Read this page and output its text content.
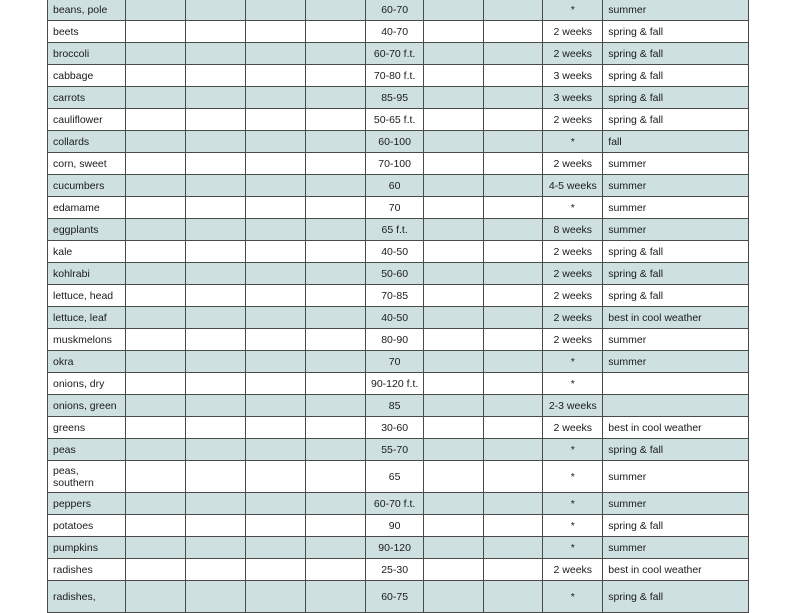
beans, pole					60-70			*	summer
beets					40-70			2 weeks	spring & fall
broccoli					60-70 f.t.			2 weeks	spring & fall
cabbage					70-80 f.t.			3 weeks	spring & fall
carrots					85-95			3 weeks	spring & fall
cauliflower					50-65 f.t.			2 weeks	spring & fall
collards					60-100			*	fall
corn, sweet					70-100			2 weeks	summer
cucumbers					60			4-5 weeks	summer
edamame					70			*	summer
eggplants					65 f.t.			8 weeks	summer
kale					40-50			2 weeks	spring & fall
kohlrabi					50-60			2 weeks	spring & fall
lettuce, head					70-85			2 weeks	spring & fall
lettuce, leaf					40-50			2 weeks	best in cool weather
muskmelons					80-90			2 weeks	summer
okra					70			*	summer
onions, dry					90-120 f.t.			*	
onions, green					85			2-3 weeks	
greens					30-60			2 weeks	best in cool weather
peas					55-70			*	spring & fall
peas, southern					65			*	summer
peppers					60-70 f.t.			*	summer
potatoes					90			*	spring & fall
pumpkins					90-120			*	summer
radishes					25-30			2 weeks	best in cool weather
radishes,					60-75			*	spring & fall
